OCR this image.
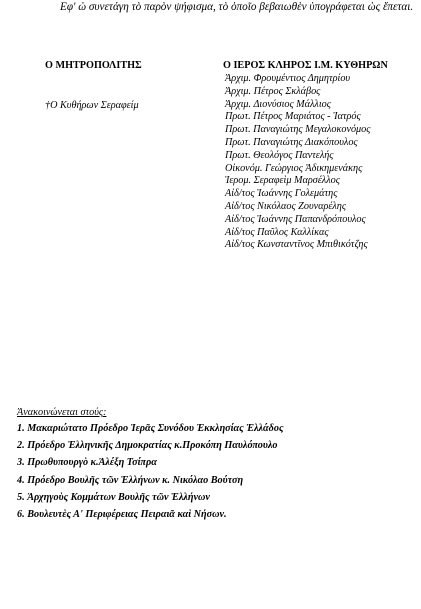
Εφ' ὡ συνετάγη τὸ παρὸν ψήφισμα, τὸ ὁποῖο βεβαιωθὲν ὑπογράφεται ὡς ἕπεται.
Ο ΜΗΤΡΟΠΟΛΙΤΗΣ	Ο ΙΕΡΟΣ ΚΛΗΡΟΣ Ι.Μ. ΚΥΘΗΡΩΝ
†Ο Κυθήρων Σεραφείμ
Ἀρχιμ. Φρουμέντιος Δημητρίου
Ἀρχιμ. Πέτρος Σκλάβος
Ἀρχιμ. Διονύσιος Μάλλιος
Πρωτ. Πέτρος Μαριάτος - Ἰατρός
Πρωτ. Παναγιώτης Μεγαλοκονόμος
Πρωτ. Παναγιώτης Διακόπουλος
Πρωτ. Θεολόγος Παντελής
Οἰκονόμ. Γεώργιος Ἀδικημενάκης
Ἱερομ. Σεραφεὶμ Μαρσέλλος
Αἰδ/τος Ἰωάννης Γολεμάτης
Αἰδ/τος Νικόλαος Ζουναρέλης
Αἰδ/τος Ἰωάννης Παπανδρόπουλος
Αἰδ/τος Παῦλος Καλλίκας
Αἰδ/τος Κωνσταντῖνος Μπιθικότζης
Ἀνακοινώνεται στούς:
1. Μακαριώτατο Πρόεδρο Ἱερᾶς Συνόδου Ἐκκλησίας Ἑλλάδος
2. Πρόεδρο Ἑλληνικῆς Δημοκρατίας κ.Προκόπη Παυλόπουλο
3. Πρωθυπουργὸ κ.Ἀλέξη Τσίπρα
4. Πρόεδρο Βουλῆς τῶν Ἑλλήνων κ. Νικόλαο Βούτση
5. Ἀρχηγοὺς Κομμάτων Βουλῆς τῶν Ἑλλήνων
6. Βουλευτὲς Α' Περιφέρειας Πειραιᾶ καὶ Νήσων.
